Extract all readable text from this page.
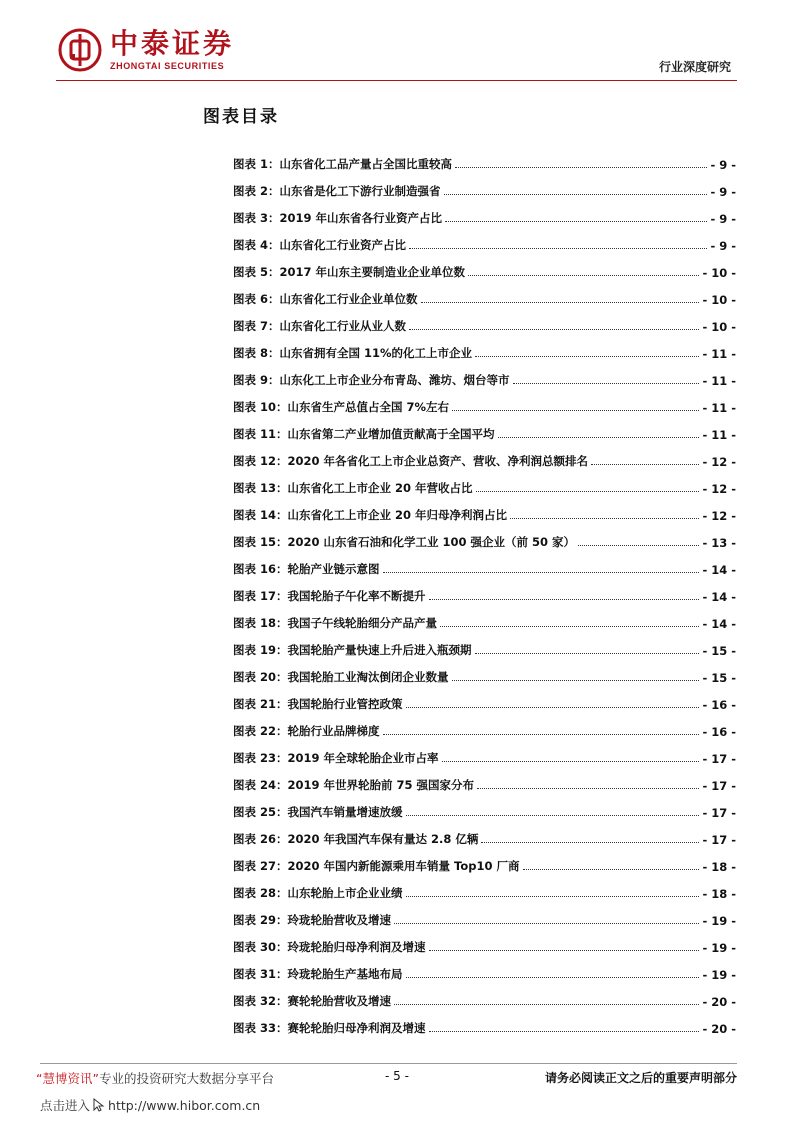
中泰证券
ZHONGTAI SECURITIES	行业深度研究
图表目录
图表 1： 山东省化工品产量占全国比重较高	- 9 -
图表 2： 山东省是化工下游行业制造强省	- 9 -
图表 3： 2019 年山东省各行业资产占比	- 9 -
图表 4： 山东省化工行业资产占比	- 9 -
图表 5： 2017 年山东主要制造业企业单位数	- 10 -
图表 6： 山东省化工行业企业单位数	- 10 -
图表 7： 山东省化工行业从业人数	- 10 -
图表 8： 山东省拥有全国 11%的化工上市企业	- 11 -
图表 9： 山东化工上市企业分布青岛、潍坊、烟台等市	- 11 -
图表 10： 山东省生产总值占全国 7%左右	- 11 -
图表 11： 山东省第二产业增加值贡献高于全国平均	- 11 -
图表 12： 2020 年各省化工上市企业总资产、营收、净利润总额排名	- 12 -
图表 13： 山东省化工上市企业 20 年营收占比	- 12 -
图表 14： 山东省化工上市企业 20 年归母净利润占比	- 12 -
图表 15： 2020 山东省石油和化学工业 100 强企业（前 50 家）	- 13 -
图表 16： 轮胎产业链示意图	- 14 -
图表 17： 我国轮胎子午化率不断提升	- 14 -
图表 18： 我国子午线轮胎细分产品产量	- 14 -
图表 19： 我国轮胎产量快速上升后进入瓶颈期	- 15 -
图表 20： 我国轮胎工业淘汰倒闭企业数量	- 15 -
图表 21： 我国轮胎行业管控政策	- 16 -
图表 22： 轮胎行业品牌梯度	- 16 -
图表 23： 2019 年全球轮胎企业市占率	- 17 -
图表 24： 2019 年世界轮胎前 75 强国家分布	- 17 -
图表 25： 我国汽车销量增速放缓	- 17 -
图表 26： 2020 年我国汽车保有量达 2.8 亿辆	- 17 -
图表 27： 2020 年国内新能源乘用车销量 Top10 厂商	- 18 -
图表 28： 山东轮胎上市企业业绩	- 18 -
图表 29： 玲珑轮胎营收及增速	- 19 -
图表 30： 玲珑轮胎归母净利润及增速	- 19 -
图表 31： 玲珑轮胎生产基地布局	- 19 -
图表 32： 赛轮轮胎营收及增速	- 20 -
图表 33： 赛轮轮胎归母净利润及增速	- 20 -
“慧博资讯”专业的投资研究大数据分享平台	- 5 -	请务必阅读正文之后的重要声明部分
点击进入 http://www.hibor.com.cn
